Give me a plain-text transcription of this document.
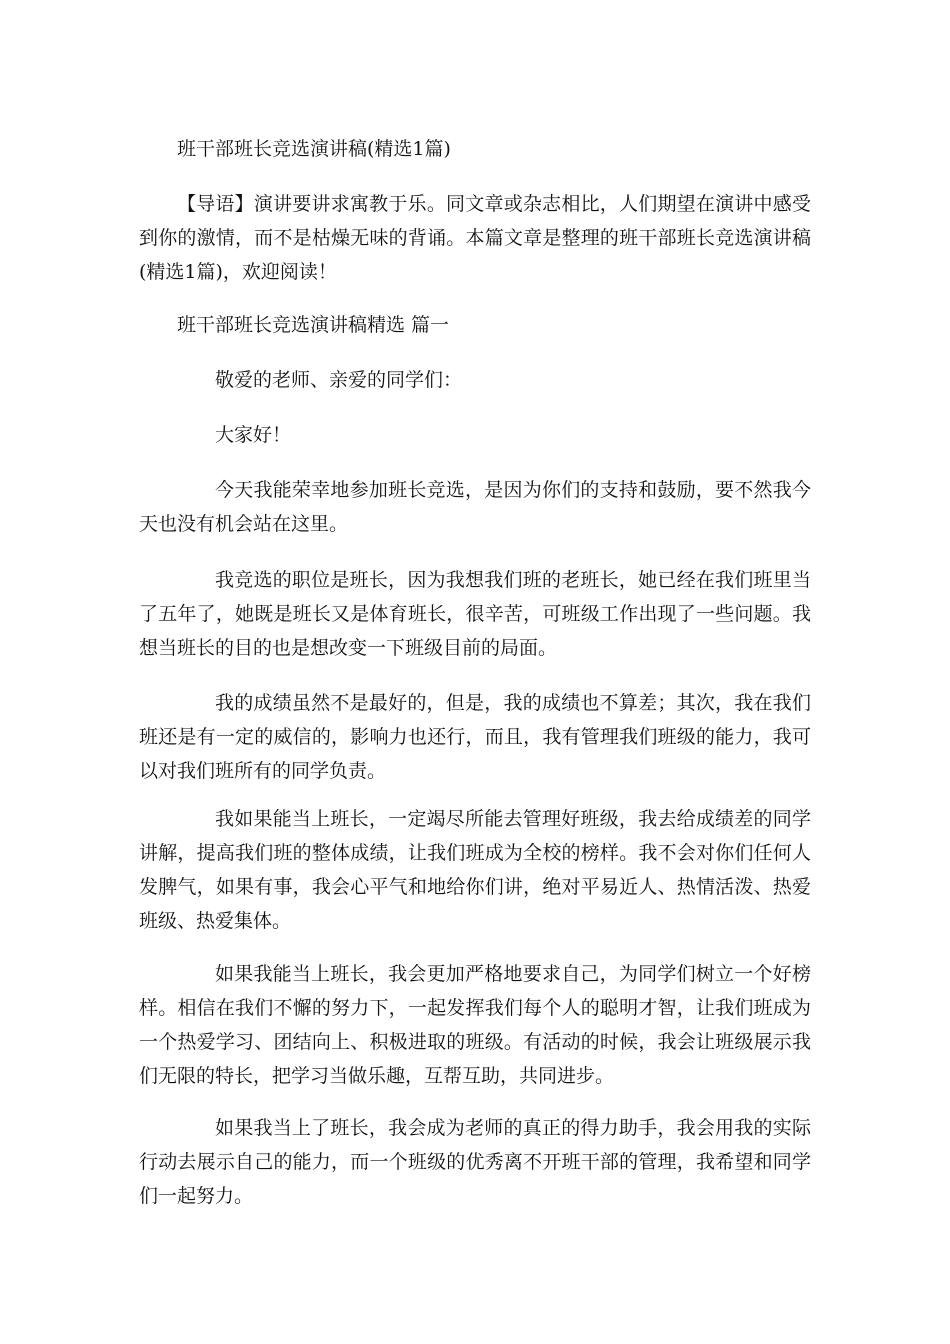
班干部班长竞选演讲稿(精选1篇)

【导语】演讲要讲求寓教于乐。同文章或杂志相比，人们期望在演讲中感受到你的激情，而不是枯燥无味的背诵。本篇文章是整理的班干部班长竞选演讲稿(精选1篇)，欢迎阅读！

班干部班长竞选演讲稿精选 篇一

敬爱的老师、亲爱的同学们：

大家好！

今天我能荣幸地参加班长竞选，是因为你们的支持和鼓励，要不然我今天也没有机会站在这里。

我竞选的职位是班长，因为我想我们班的老班长，她已经在我们班里当了五年了，她既是班长又是体育班长，很辛苦，可班级工作出现了一些问题。我想当班长的目的也是想改变一下班级目前的局面。

我的成绩虽然不是最好的，但是，我的成绩也不算差；其次，我在我们班还是有一定的威信的，影响力也还行，而且，我有管理我们班级的能力，我可以对我们班所有的同学负责。

我如果能当上班长，一定竭尽所能去管理好班级，我去给成绩差的同学讲解，提高我们班的整体成绩，让我们班成为全校的榜样。我不会对你们任何人发脾气，如果有事，我会心平气和地给你们讲，绝对平易近人、热情活泼、热爱班级、热爱集体。

如果我能当上班长，我会更加严格地要求自己，为同学们树立一个好榜样。相信在我们不懈的努力下，一起发挥我们每个人的聪明才智，让我们班成为一个热爱学习、团结向上、积极进取的班级。有活动的时候，我会让班级展示我们无限的特长，把学习当做乐趣，互帮互助，共同进步。

如果我当上了班长，我会成为老师的真正的得力助手，我会用我的实际行动去展示自己的能力，而一个班级的优秀离不开班干部的管理，我希望和同学们一起努力。
